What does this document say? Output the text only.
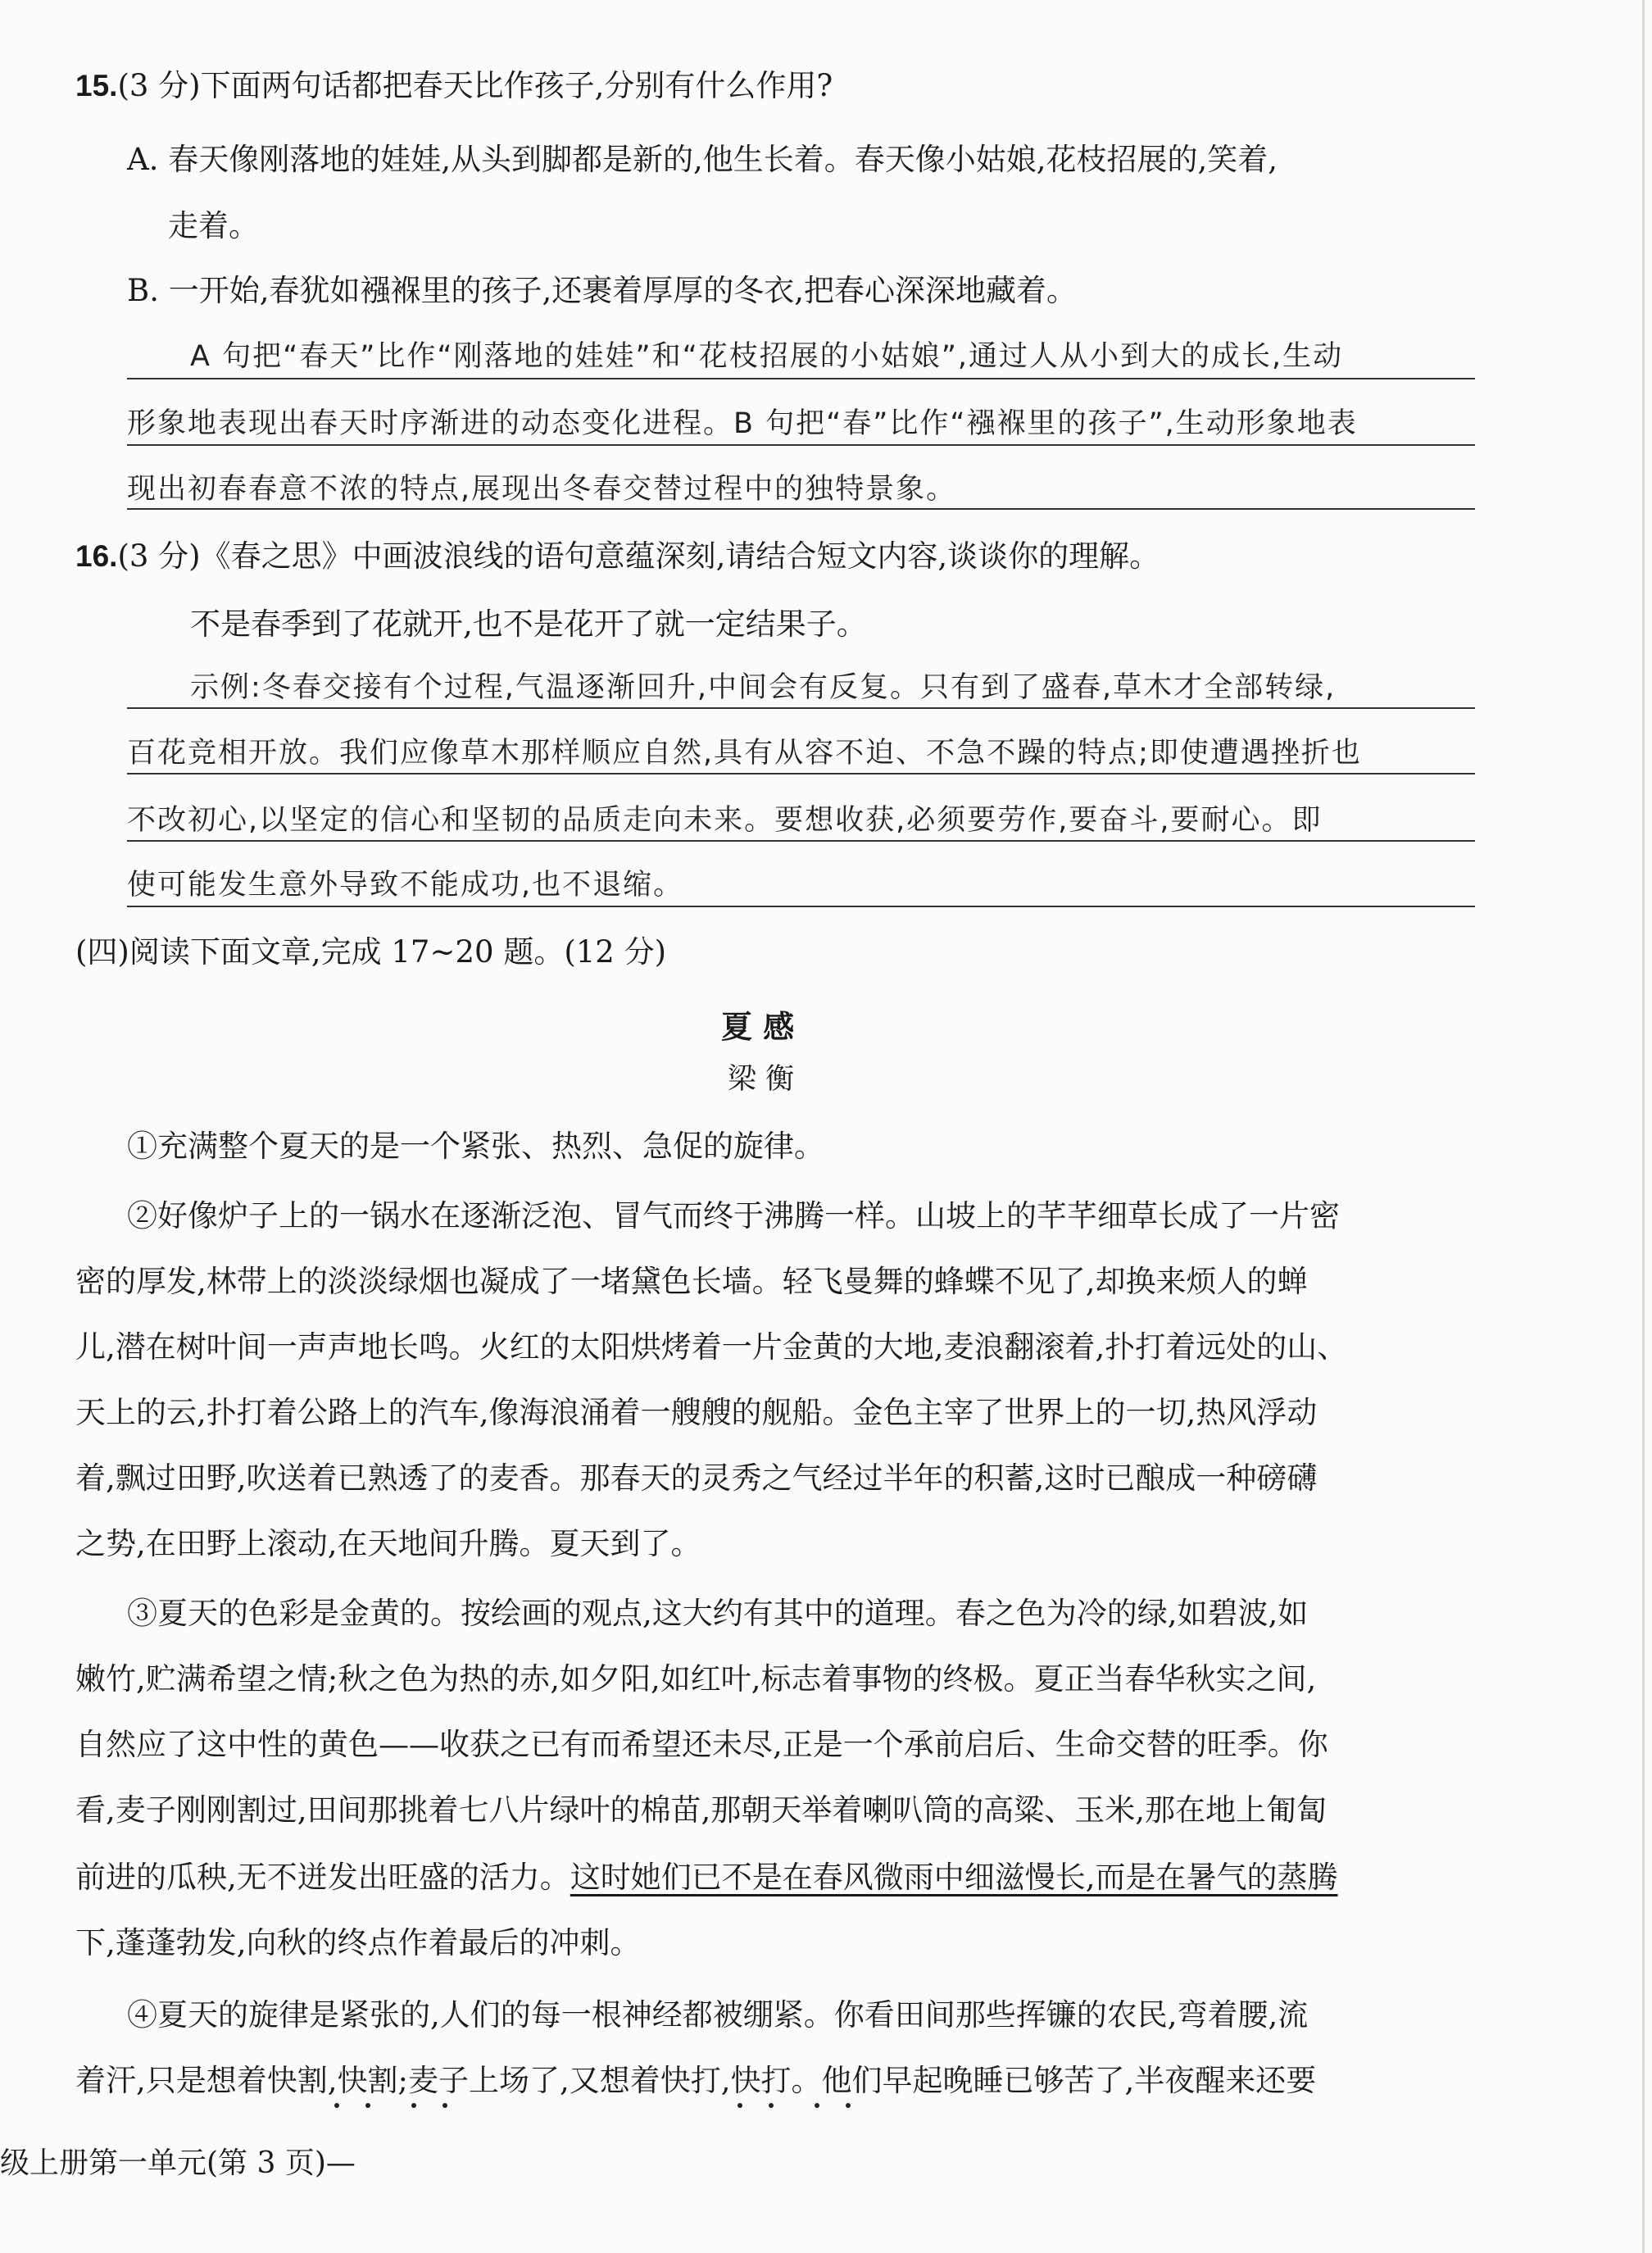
15.(3 分)下面两句话都把春天比作孩子,分别有什么作用?
A. 春天像刚落地的娃娃,从头到脚都是新的,他生长着。春天像小姑娘,花枝招展的,笑着,
走着。
B. 一开始,春犹如襁褓里的孩子,还裹着厚厚的冬衣,把春心深深地藏着。
A 句把“春天”比作“刚落地的娃娃”和“花枝招展的小姑娘”,通过人从小到大的成长,生动
形象地表现出春天时序渐进的动态变化进程。B 句把“春”比作“襁褓里的孩子”,生动形象地表
现出初春春意不浓的特点,展现出冬春交替过程中的独特景象。
16.(3 分)《春之思》中画波浪线的语句意蕴深刻,请结合短文内容,谈谈你的理解。
不是春季到了花就开,也不是花开了就一定结果子。
示例:冬春交接有个过程,气温逐渐回升,中间会有反复。只有到了盛春,草木才全部转绿,
百花竞相开放。我们应像草木那样顺应自然,具有从容不迫、不急不躁的特点;即使遭遇挫折也
不改初心,以坚定的信心和坚韧的品质走向未来。要想收获,必须要劳作,要奋斗,要耐心。即
使可能发生意外导致不能成功,也不退缩。
(四)阅读下面文章,完成 17~20 题。(12 分)
夏 感
梁 衡
①充满整个夏天的是一个紧张、热烈、急促的旋律。
②好像炉子上的一锅水在逐渐泛泡、冒气而终于沸腾一样。山坡上的芊芊细草长成了一片密
密的厚发,林带上的淡淡绿烟也凝成了一堵黛色长墙。轻飞曼舞的蜂蝶不见了,却换来烦人的蝉
儿,潜在树叶间一声声地长鸣。火红的太阳烘烤着一片金黄的大地,麦浪翻滚着,扑打着远处的山、
天上的云,扑打着公路上的汽车,像海浪涌着一艘艘的舰船。金色主宰了世界上的一切,热风浮动
着,飘过田野,吹送着已熟透了的麦香。那春天的灵秀之气经过半年的积蓄,这时已酿成一种磅礴
之势,在田野上滚动,在天地间升腾。夏天到了。
③夏天的色彩是金黄的。按绘画的观点,这大约有其中的道理。春之色为冷的绿,如碧波,如
嫩竹,贮满希望之情;秋之色为热的赤,如夕阳,如红叶,标志着事物的终极。夏正当春华秋实之间,
自然应了这中性的黄色——收获之已有而希望还未尽,正是一个承前启后、生命交替的旺季。你
看,麦子刚刚割过,田间那挑着七八片绿叶的棉苗,那朝天举着喇叭筒的高粱、玉米,那在地上匍匐
前进的瓜秧,无不迸发出旺盛的活力。这时她们已不是在春风微雨中细滋慢长,而是在暑气的蒸腾
下,蓬蓬勃发,向秋的终点作着最后的冲刺。
④夏天的旋律是紧张的,人们的每一根神经都被绷紧。你看田间那些挥镰的农民,弯着腰,流
着汗,只是想着快割,快割;麦子上场了,又想着快打,快打。他们早起晚睡已够苦了,半夜醒来还要
级上册第一单元(第 3 页)—
